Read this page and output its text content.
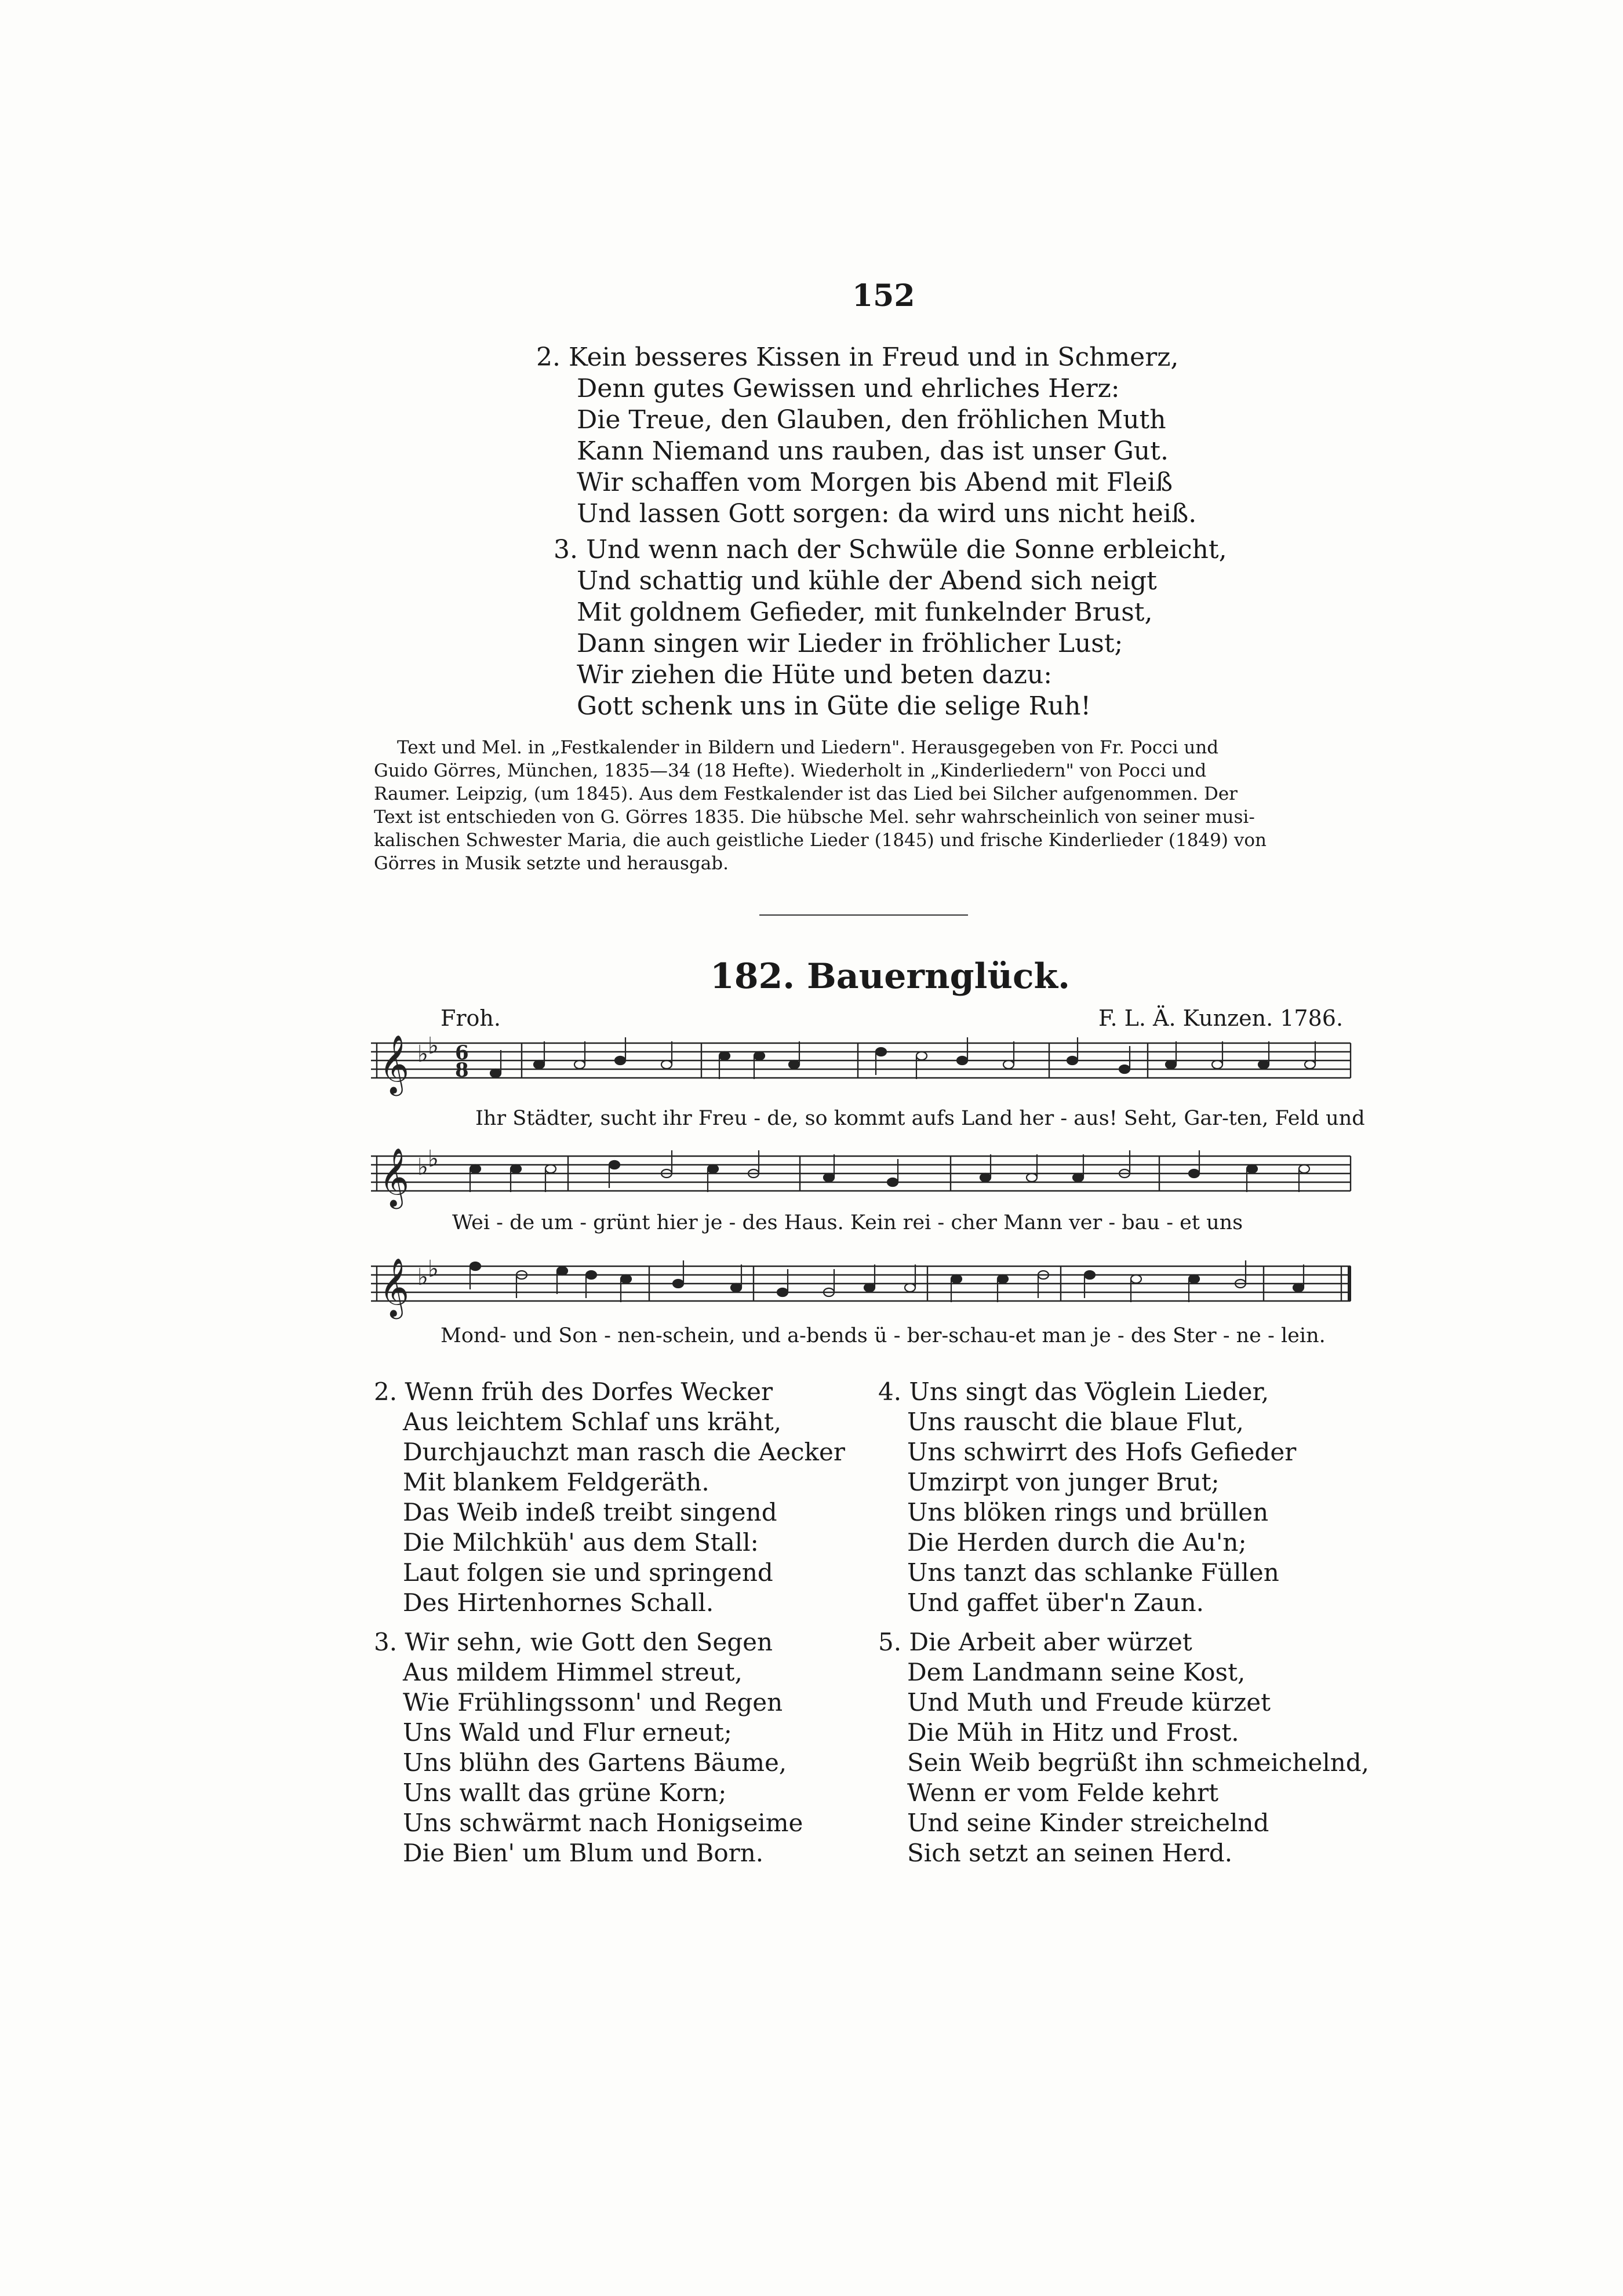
152
2. Kein besseres Kissen in Freud und in Schmerz,
Denn gutes Gewissen und ehrliches Herz:
Die Treue, den Glauben, den fröhlichen Muth
Kann Niemand uns rauben, das ist unser Gut.
Wir schaffen vom Morgen bis Abend mit Fleiß
Und lassen Gott sorgen: da wird uns nicht heiß.
3. Und wenn nach der Schwüle die Sonne erbleicht,
Und schattig und kühle der Abend sich neigt
Mit goldnem Gefieder, mit funkelnder Brust,
Dann singen wir Lieder in fröhlicher Lust;
Wir ziehen die Hüte und beten dazu:
Gott schenk uns in Güte die selige Ruh!
Text und Mel. in „Festkalender in Bildern und Liedern". Herausgegeben von Fr. Pocci und
Guido Görres, München, 1835—34 (18 Hefte). Wiederholt in „Kinderliedern" von Pocci und
Raumer. Leipzig, (um 1845). Aus dem Festkalender ist das Lied bei Silcher aufgenommen. Der
Text ist entschieden von G. Görres 1835. Die hübsche Mel. sehr wahrscheinlich von seiner musi-
kalischen Schwester Maria, die auch geistliche Lieder (1845) und frische Kinderlieder (1849) von
Görres in Musik setzte und herausgab.
182. Bauernglück.
Froh.	F. L. Ä. Kunzen. 1786.
𝄞 ♭ ♭ 6
8
Ihr Städter, sucht ihr Freu - de, so kommt aufs Land her - aus! Seht, Gar-ten, Feld und
𝄞 ♭ ♭
Wei - de um - grünt hier je - des Haus. Kein rei - cher Mann ver - bau - et uns
𝄞 ♭ ♭
Mond- und Son - nen-schein, und a-bends ü - ber-schau-et man je - des Ster - ne - lein.
2. Wenn früh des Dorfes Wecker
Aus leichtem Schlaf uns kräht,
Durchjauchzt man rasch die Aecker
Mit blankem Feldgeräth.
Das Weib indeß treibt singend
Die Milchküh' aus dem Stall:
Laut folgen sie und springend
Des Hirtenhornes Schall.
3. Wir sehn, wie Gott den Segen
Aus mildem Himmel streut,
Wie Frühlingssonn' und Regen
Uns Wald und Flur erneut;
Uns blühn des Gartens Bäume,
Uns wallt das grüne Korn;
Uns schwärmt nach Honigseime
Die Bien' um Blum und Born.
4. Uns singt das Vöglein Lieder,
Uns rauscht die blaue Flut,
Uns schwirrt des Hofs Gefieder
Umzirpt von junger Brut;
Uns blöken rings und brüllen
Die Herden durch die Au'n;
Uns tanzt das schlanke Füllen
Und gaffet über'n Zaun.
5. Die Arbeit aber würzet
Dem Landmann seine Kost,
Und Muth und Freude kürzet
Die Müh in Hitz und Frost.
Sein Weib begrüßt ihn schmeichelnd,
Wenn er vom Felde kehrt
Und seine Kinder streichelnd
Sich setzt an seinen Herd.
